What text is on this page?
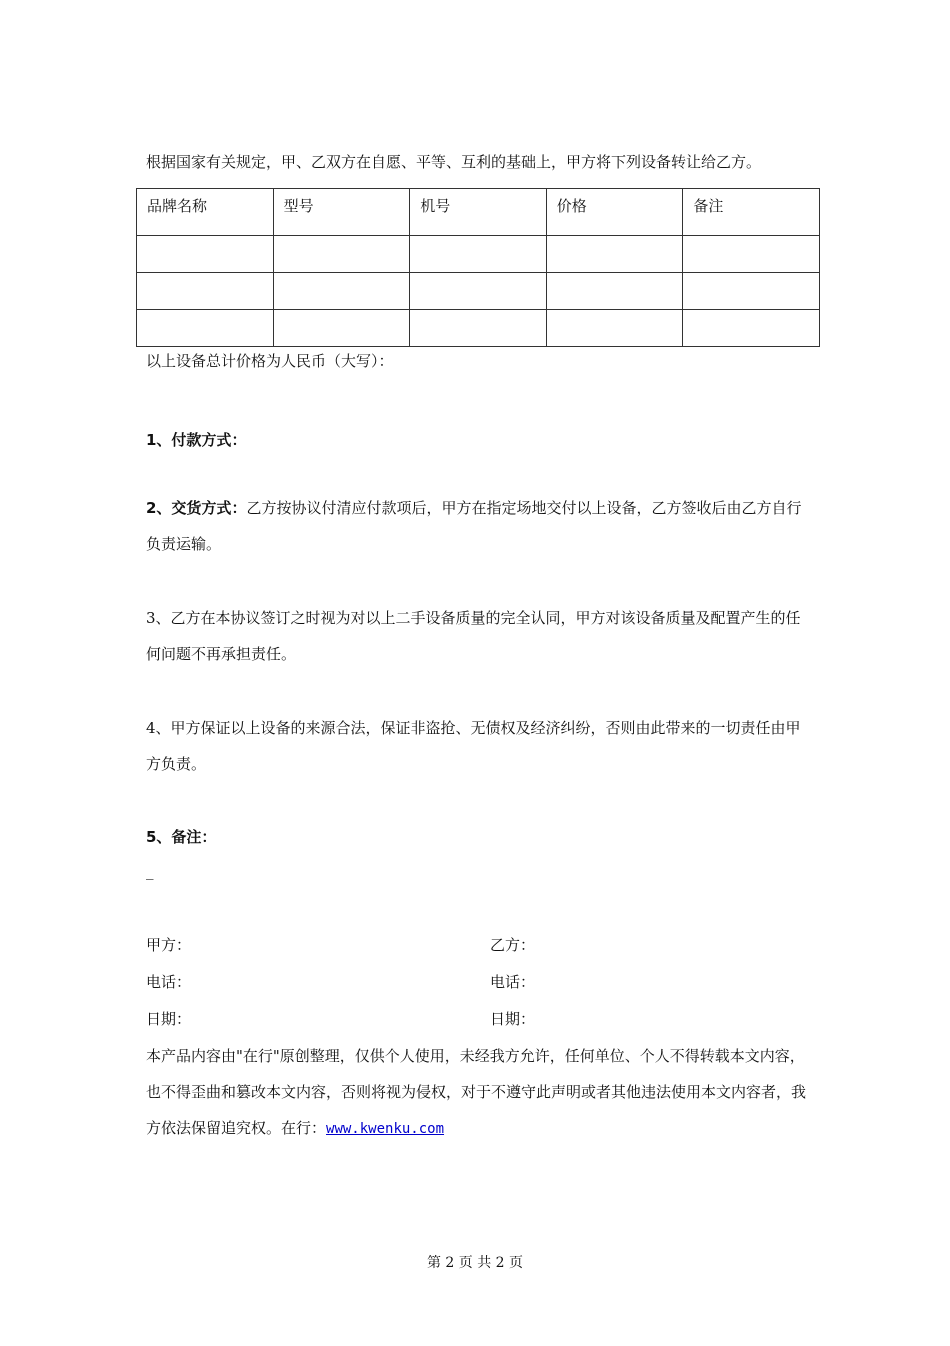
根据国家有关规定，甲、乙双方在自愿、平等、互利的基础上，甲方将下列设备转让给乙方。
品牌名称	型号	机号	价格	备注

以上设备总计价格为人民币（大写）：
1、付款方式：
2、交货方式：乙方按协议付清应付款项后，甲方在指定场地交付以上设备，乙方签收后由乙方自行负责运输。
3、乙方在本协议签订之时视为对以上二手设备质量的完全认同，甲方对该设备质量及配置产生的任何问题不再承担责任。
4、甲方保证以上设备的来源合法，保证非盗抢、无债权及经济纠纷，否则由此带来的一切责任由甲方负责。
5、备注：
_
甲方：	乙方：
电话：	电话：
日期：	日期：
本产品内容由"在行"原创整理，仅供个人使用，未经我方允许，任何单位、个人不得转载本文内容，也不得歪曲和篡改本文内容，否则将视为侵权，对于不遵守此声明或者其他违法使用本文内容者，我方依法保留追究权。在行：www.kwenku.com
第 2 页 共 2 页
